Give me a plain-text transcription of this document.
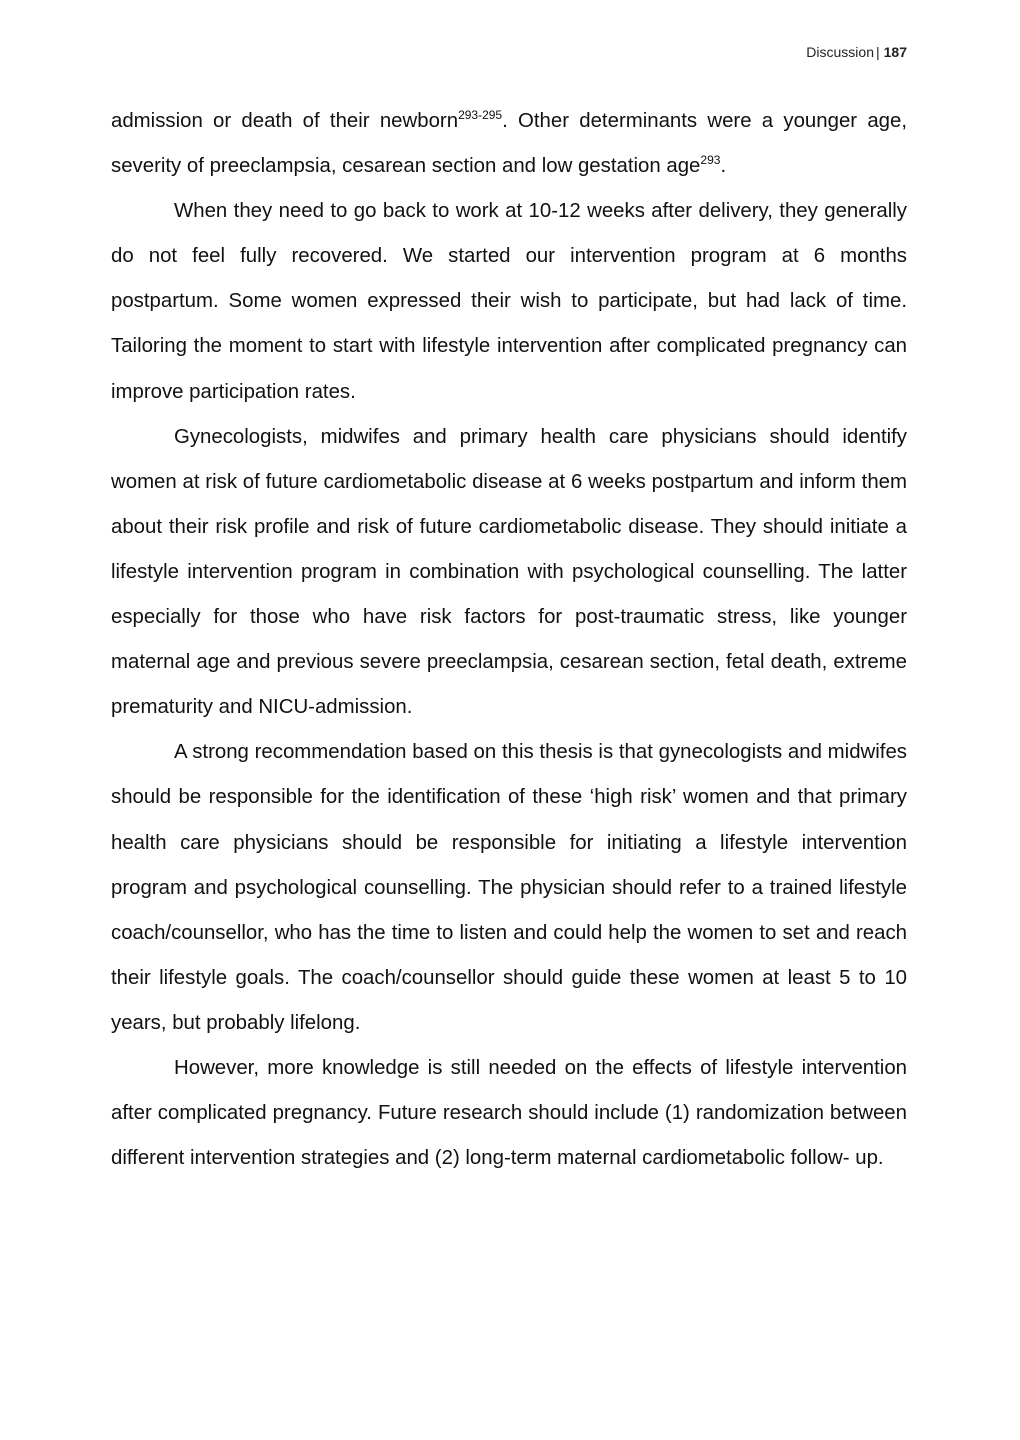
Discussion | 187

admission or death of their newborn$^{293-295}$. Other determinants were a younger age, severity of preeclampsia, cesarean section and low gestation age$^{293}$.

When they need to go back to work at 10-12 weeks after delivery, they generally do not feel fully recovered. We started our intervention program at 6 months postpartum. Some women expressed their wish to participate, but had lack of time. Tailoring the moment to start with lifestyle intervention after complicated pregnancy can improve participation rates.

Gynecologists, midwifes and primary health care physicians should identify women at risk of future cardiometabolic disease at 6 weeks postpartum and inform them about their risk profile and risk of future cardiometabolic disease. They should initiate a lifestyle intervention program in combination with psychological counselling. The latter especially for those who have risk factors for post-traumatic stress, like younger maternal age and previous severe preeclampsia, cesarean section, fetal death, extreme prematurity and NICU-admission.

A strong recommendation based on this thesis is that gynecologists and midwifes should be responsible for the identification of these ‘high risk’ women and that primary health care physicians should be responsible for initiating a lifestyle intervention program and psychological counselling. The physician should refer to a trained lifestyle coach/counsellor, who has the time to listen and could help the women to set and reach their lifestyle goals. The coach/counsellor should guide these women at least 5 to 10 years, but probably lifelong.

However, more knowledge is still needed on the effects of lifestyle intervention after complicated pregnancy. Future research should include (1) randomization between different intervention strategies and (2) long-term maternal cardiometabolic follow- up.
